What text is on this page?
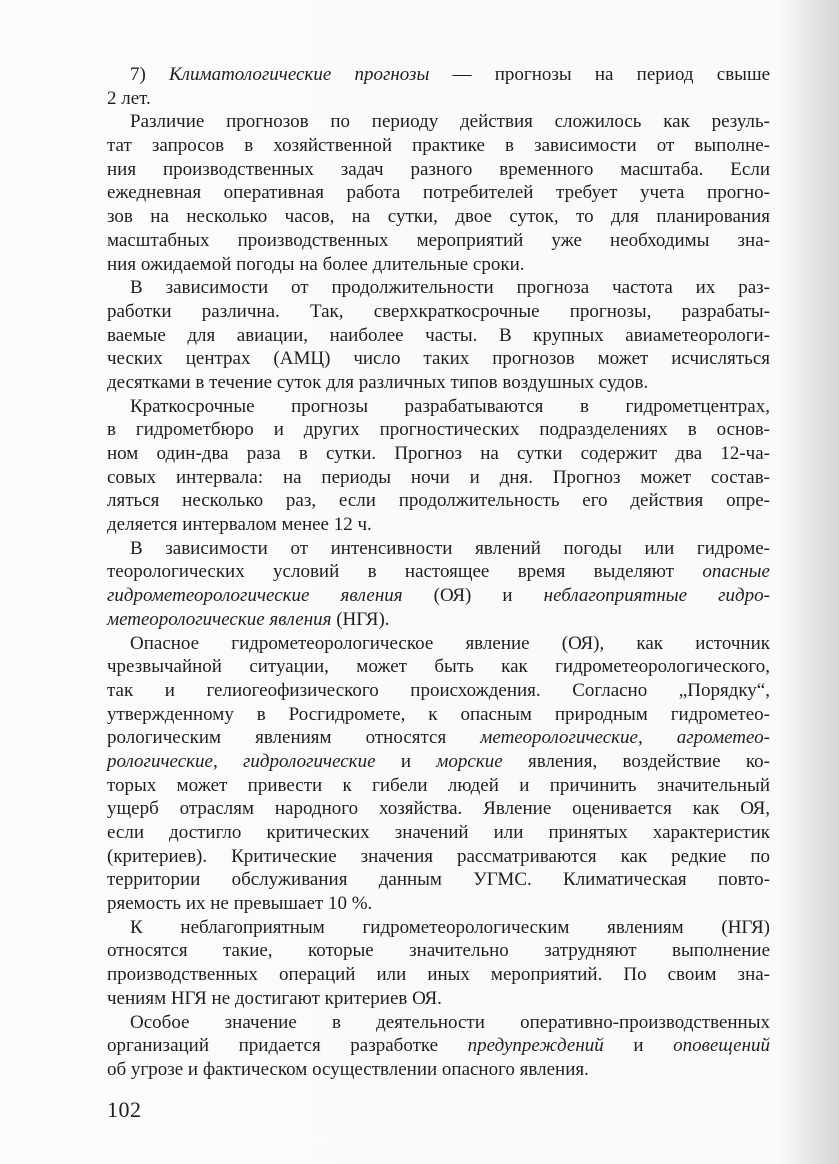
7) Климатологические прогнозы — прогнозы на период свыше
2 лет.
Различие прогнозов по периоду действия сложилось как резуль-
тат запросов в хозяйственной практике в зависимости от выполне-
ния производственных задач разного временного масштаба. Если
ежедневная оперативная работа потребителей требует учета прогно-
зов на несколько часов, на сутки, двое суток, то для планирования
масштабных производственных мероприятий уже необходимы зна-
ния ожидаемой погоды на более длительные сроки.
В зависимости от продолжительности прогноза частота их раз-
работки различна. Так, сверхкраткосрочные прогнозы, разрабаты-
ваемые для авиации, наиболее часты. В крупных авиаметеорологи-
ческих центрах (АМЦ) число таких прогнозов может исчисляться
десятками в течение суток для различных типов воздушных судов.
Краткосрочные прогнозы разрабатываются в гидрометцентрах,
в гидрометбюро и других прогностических подразделениях в основ-
ном один-два раза в сутки. Прогноз на сутки содержит два 12-ча-
совых интервала: на периоды ночи и дня. Прогноз может состав-
ляться несколько раз, если продолжительность его действия опре-
деляется интервалом менее 12 ч.
В зависимости от интенсивности явлений погоды или гидроме-
теорологических условий в настоящее время выделяют опасные
гидрометеорологические явления (ОЯ) и неблагоприятные гидро-
метеорологические явления (НГЯ).
Опасное гидрометеорологическое явление (ОЯ), как источник
чрезвычайной ситуации, может быть как гидрометеорологического,
так и гелиогеофизического происхождения. Согласно „Порядку“,
утвержденному в Росгидромете, к опасным природным гидрометео-
рологическим явлениям относятся метеорологические, агрометео-
рологические, гидрологические и морские явления, воздействие ко-
торых может привести к гибели людей и причинить значительный
ущерб отраслям народного хозяйства. Явление оценивается как ОЯ,
если достигло критических значений или принятых характеристик
(критериев). Критические значения рассматриваются как редкие по
территории обслуживания данным УГМС. Климатическая повто-
ряемость их не превышает 10 %.
К неблагоприятным гидрометеорологическим явлениям (НГЯ)
относятся такие, которые значительно затрудняют выполнение
производственных операций или иных мероприятий. По своим зна-
чениям НГЯ не достигают критериев ОЯ.
Особое значение в деятельности оперативно-производственных
организаций придается разработке предупреждений и оповещений
об угрозе и фактическом осуществлении опасного явления.
102
